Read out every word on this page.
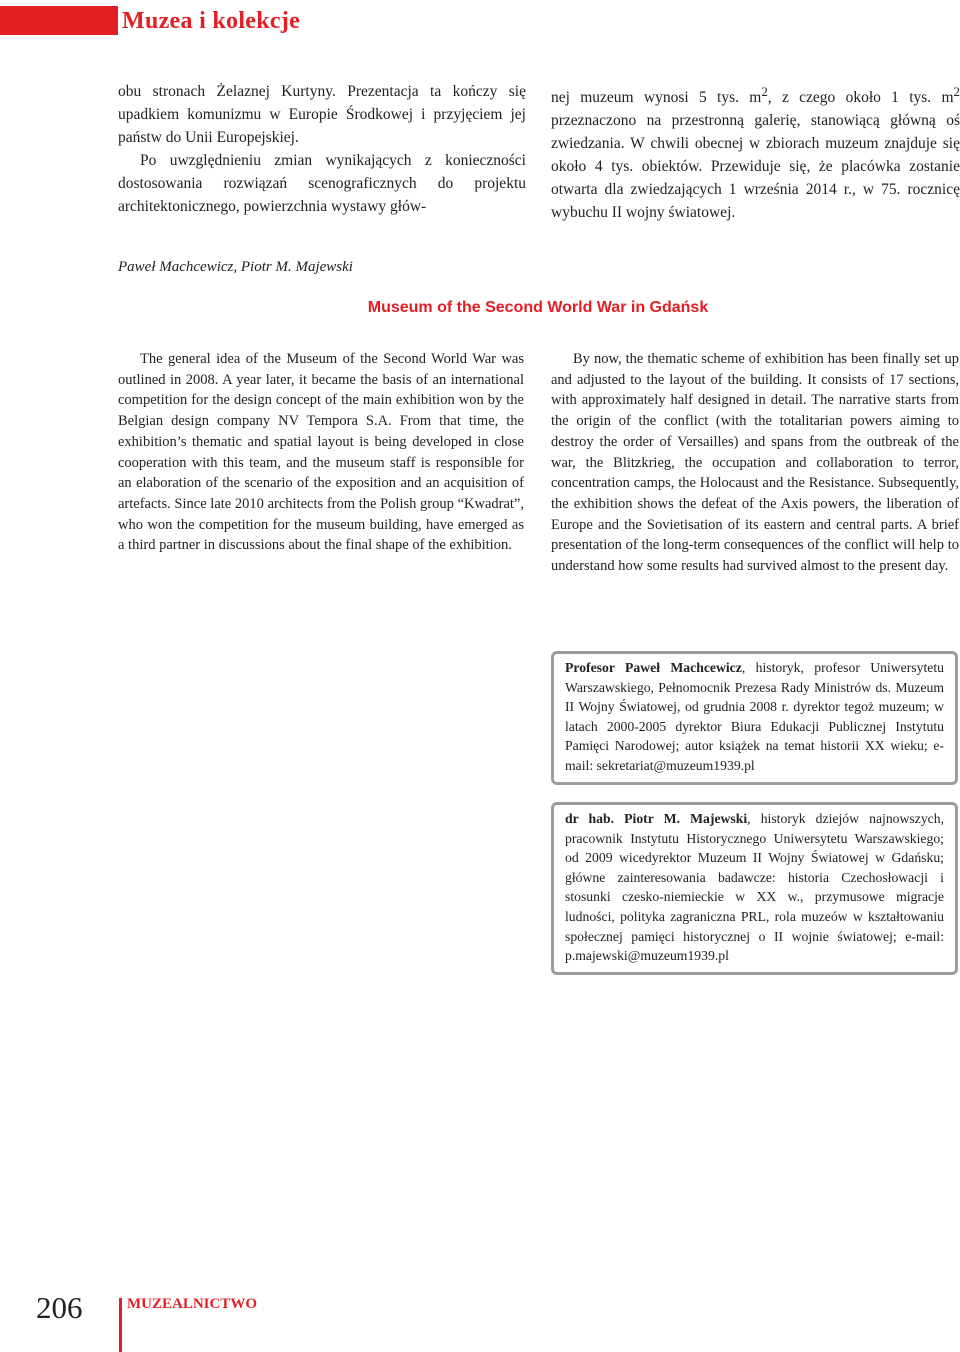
Muzea i kolekcje

obu stronach Żelaznej Kurtyny. Prezentacja ta kończy się upadkiem komunizmu w Europie Środkowej i przyjęciem jej państw do Unii Europejskiej.

Po uwzględnieniu zmian wynikających z konieczności dostosowania rozwiązań scenograficznych do projektu architektonicznego, powierzchnia wystawy głów-

nej muzeum wynosi 5 tys. $m^2$, z czego około 1 tys. $m^2$ przeznaczono na przestronną galerię, stanowiącą główną oś zwiedzania. W chwili obecnej w zbiorach muzeum znajduje się około 4 tys. obiektów. Przewiduje się, że placówka zostanie otwarta dla zwiedzających 1 września 2014 r., w 75. rocznicę wybuchu II wojny światowej.

Paweł Machcewicz, Piotr M. Majewski

Museum of the Second World War in Gdańsk

The general idea of the Museum of the Second World War was outlined in 2008. A year later, it became the basis of an international competition for the design concept of the main exhibition won by the Belgian design company NV Tempora S.A. From that time, the exhibition’s thematic and spatial layout is being developed in close cooperation with this team, and the museum staff is responsible for an elaboration of the scenario of the exposition and an acquisition of artefacts. Since late 2010 architects from the Polish group “Kwadrat”, who won the competition for the museum building, have emerged as a third partner in discussions about the final shape of the exhibition.

By now, the thematic scheme of exhibition has been finally set up and adjusted to the layout of the building. It consists of 17 sections, with approximately half designed in detail. The narrative starts from the origin of the conflict (with the totalitarian powers aiming to destroy the order of Versailles) and spans from the outbreak of the war, the Blitzkrieg, the occupation and collaboration to terror, concentration camps, the Holocaust and the Resistance. Subsequently, the exhibition shows the defeat of the Axis powers, the liberation of Europe and the Sovietisation of its eastern and central parts. A brief presentation of the long-term consequences of the conflict will help to understand how some results had survived almost to the present day.

Profesor Paweł Machcewicz, historyk, profesor Uniwersytetu Warszawskiego, Pełnomocnik Prezesa Rady Ministrów ds. Muzeum II Wojny Światowej, od grudnia 2008 r. dyrektor tegoż muzeum; w latach 2000-2005 dyrektor Biura Edukacji Publicznej Instytutu Pamięci Narodowej; autor książek na temat historii XX wieku; e-mail: sekretariat@muzeum1939.pl

dr hab. Piotr M. Majewski, historyk dziejów najnowszych, pracownik Instytutu Historycznego Uniwersytetu Warszawskiego; od 2009 wicedyrektor Muzeum II Wojny Światowej w Gdańsku; główne zainteresowania badawcze: historia Czechosłowacji i stosunki czesko-niemieckie w XX w., przymusowe migracje ludności, polityka zagraniczna PRL, rola muzeów w kształtowaniu społecznej pamięci historycznej o II wojnie światowej; e-mail: p.majewski@muzeum1939.pl

206	MUZEALNICTWO
